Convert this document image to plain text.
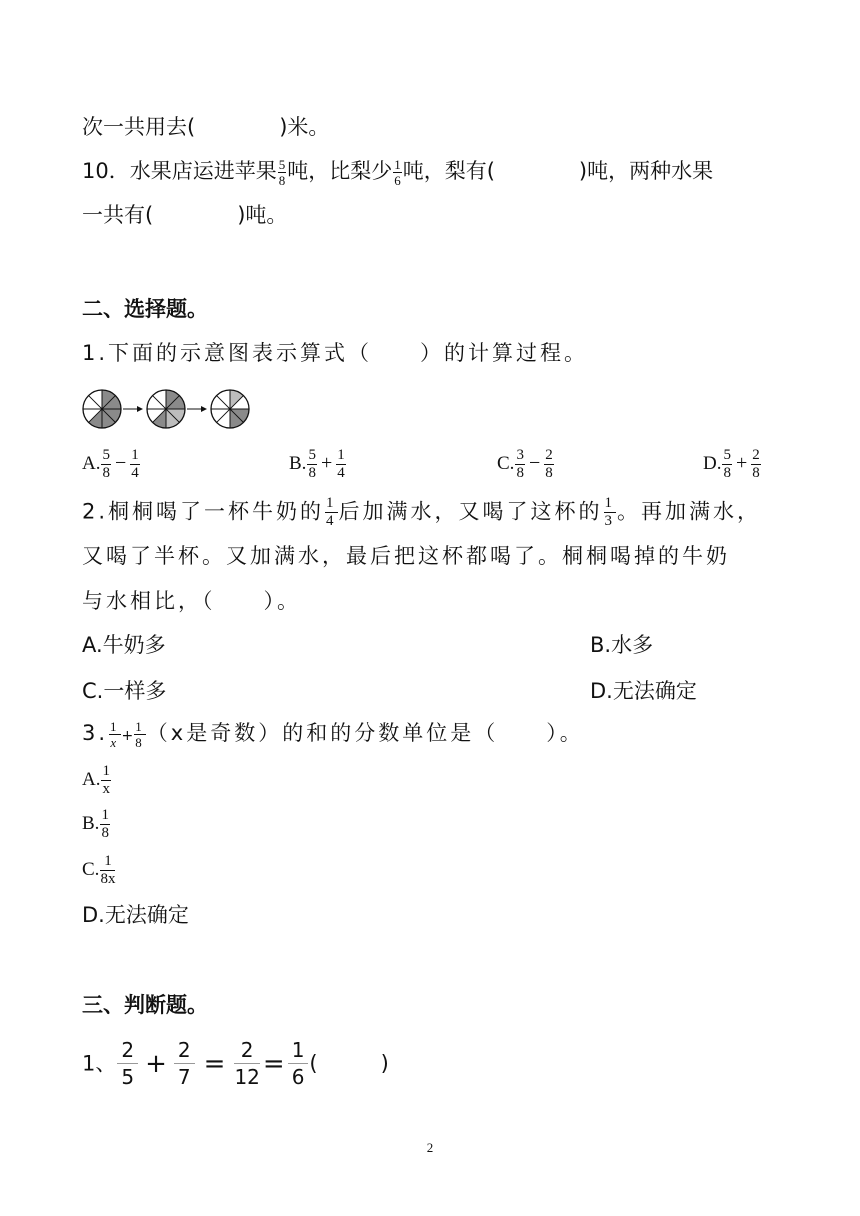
次一共用去(　　　　)米。
10．水果店运进苹果 $\frac{5}{8}$ 吨，比梨少 $\frac{1}{6}$ 吨，梨有(　　　　)吨，两种水果
一共有(　　　　)吨。
二、选择题。
1.下面的示意图表示算式（　　）的计算过程。
A. $\frac{5}{8} - \frac{1}{4}$	B. $\frac{5}{8} + \frac{1}{4}$	C. $\frac{3}{8} - \frac{2}{8}$	D. $\frac{5}{8} + \frac{2}{8}$
2.桐桐喝了一杯牛奶的 $\frac{1}{4}$ 后加满水，又喝了这杯的 $\frac{1}{3}$ 。再加满水，
又喝了半杯。又加满水，最后把这杯都喝了。桐桐喝掉的牛奶
与水相比，（　　）。
A.牛奶多	B.水多
C.一样多	D.无法确定
3. $\frac{1}{x} + \frac{1}{8} (x$是奇数）的和的分数单位是（　　）。
A. $\frac{1}{x}$
B. $\frac{1}{8}$
C. $\frac{1}{8x}$
D.无法确定
三、判断题。
1、 $\frac{2}{5} + \frac{2}{7} = \frac{2}{12} = \frac{1}{6}$ (　　　)
2
